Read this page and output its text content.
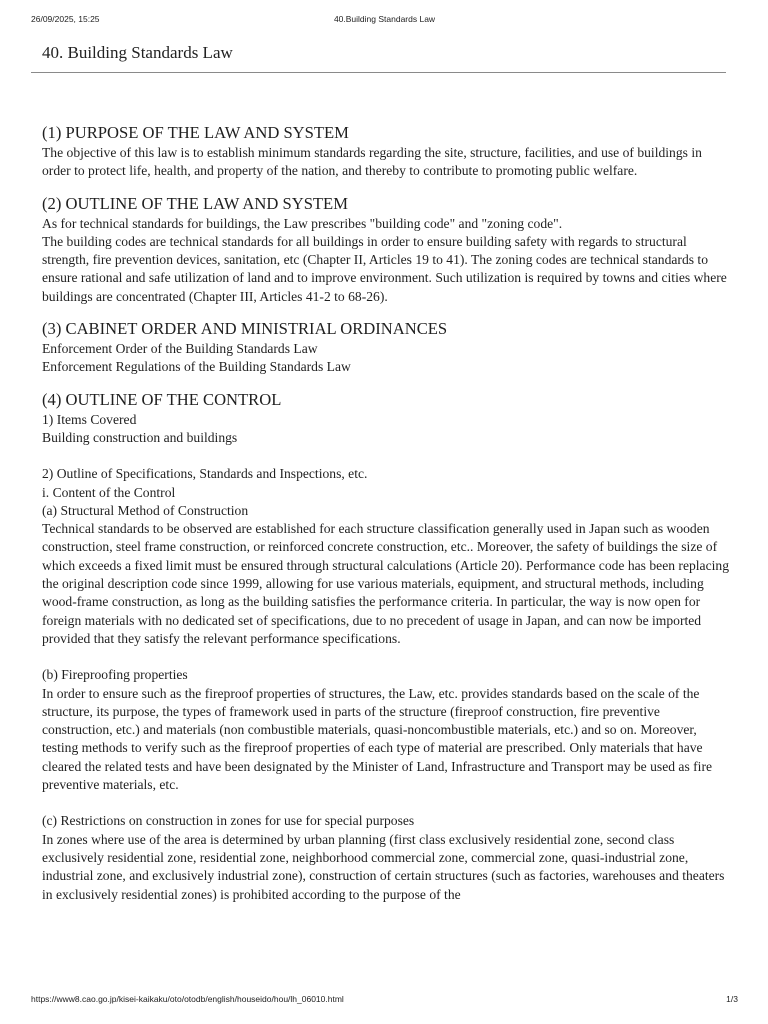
26/09/2025, 15:25	40.Building Standards Law
40. Building Standards Law
(1) PURPOSE OF THE LAW AND SYSTEM

The objective of this law is to establish minimum standards regarding the site, structure, facilities, and use of buildings in order to protect life, health, and property of the nation, and thereby to contribute to promoting public welfare.

(2) OUTLINE OF THE LAW AND SYSTEM

As for technical standards for buildings, the Law prescribes "building code" and "zoning code".

The building codes are technical standards for all buildings in order to ensure building safety with regards to structural strength, fire prevention devices, sanitation, etc (Chapter II, Articles 19 to 41). The zoning codes are technical standards to ensure rational and safe utilization of land and to improve environment. Such utilization is required by towns and cities where buildings are concentrated (Chapter III, Articles 41-2 to 68-26).

(3) CABINET ORDER AND MINISTRIAL ORDINANCES

Enforcement Order of the Building Standards Law

Enforcement Regulations of the Building Standards Law

(4) OUTLINE OF THE CONTROL

1) Items Covered

Building construction and buildings

2) Outline of Specifications, Standards and Inspections, etc.

i. Content of the Control

(a) Structural Method of Construction

Technical standards to be observed are established for each structure classification generally used in Japan such as wooden construction, steel frame construction, or reinforced concrete construction, etc.. Moreover, the safety of buildings the size of which exceeds a fixed limit must be ensured through structural calculations (Article 20). Performance code has been replacing the original description code since 1999, allowing for use various materials, equipment, and structural methods, including wood-frame construction, as long as the building satisfies the performance criteria. In particular, the way is now open for foreign materials with no dedicated set of specifications, due to no precedent of usage in Japan, and can now be imported provided that they satisfy the relevant performance specifications.

(b) Fireproofing properties

In order to ensure such as the fireproof properties of structures, the Law, etc. provides standards based on the scale of the structure, its purpose, the types of framework used in parts of the structure (fireproof construction, fire preventive construction, etc.) and materials (non combustible materials, quasi-noncombustible materials, etc.) and so on. Moreover, testing methods to verify such as the fireproof properties of each type of material are prescribed. Only materials that have cleared the related tests and have been designated by the Minister of Land, Infrastructure and Transport may be used as fire preventive materials, etc.

(c) Restrictions on construction in zones for use for special purposes

In zones where use of the area is determined by urban planning (first class exclusively residential zone, second class exclusively residential zone, residential zone, neighborhood commercial zone, commercial zone, quasi-industrial zone, industrial zone, and exclusively industrial zone), construction of certain structures (such as factories, warehouses and theaters in exclusively residential zones) is prohibited according to the purpose of the

https://www8.cao.go.jp/kisei-kaikaku/oto/otodb/english/houseido/hou/lh_06010.html	1/3
